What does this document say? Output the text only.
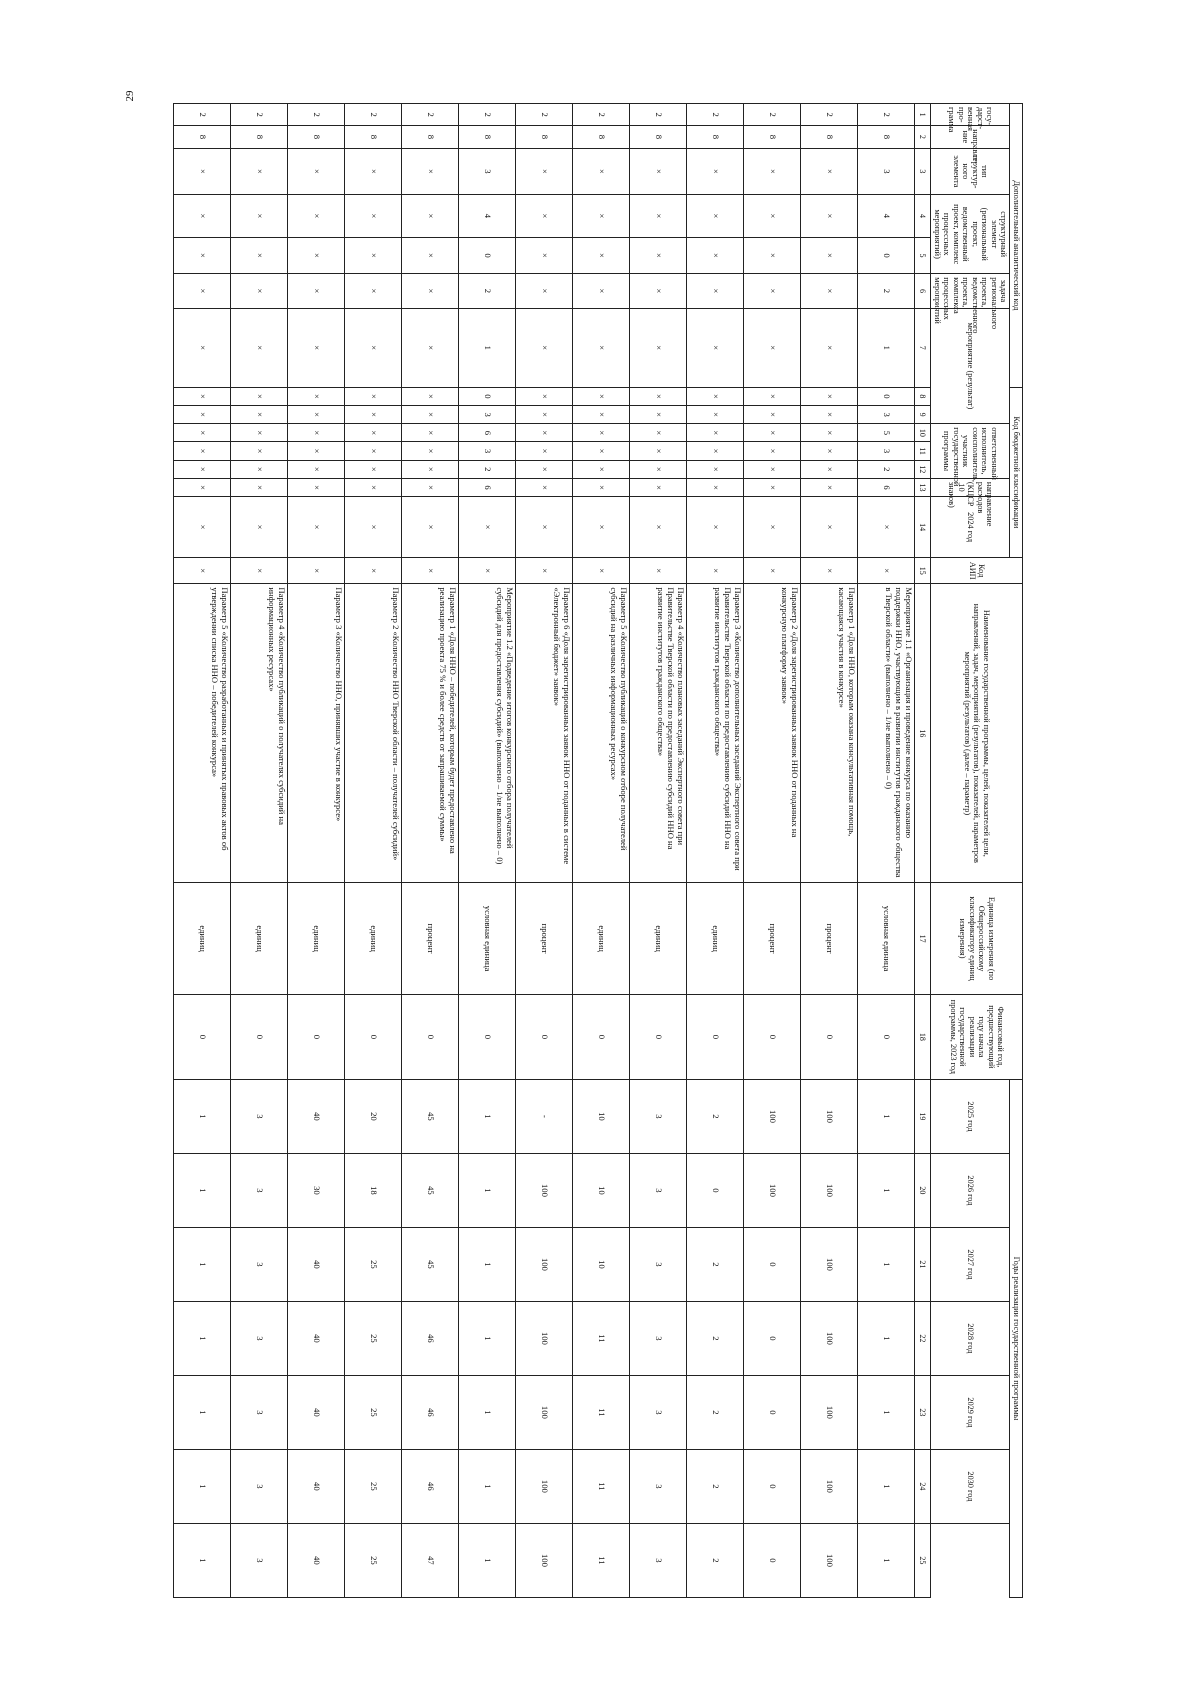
29
Дополнительный аналитический код							Код бюджетной классификации							Код АИП	Наименование государственной программы, целей, показателей цели, направлений, задач, мероприятий (результатов), показателей, параметров мероприятий (результатов) (далее – параметр)	Единица измерения (по Общероссийскому классификатору единиц измерения)	Финансовый год, предшествующий году начала реализации государственной программы, 2023 год	Годы реализации государственной программы						
госу-дарст-венная про-грамма	направле-ние	тип структур-ного элемента	структурный элемент (региональный проект, ведомственный проект, комплекс процессных мероприятий)		задача регионального проекта, ведомственного проекта, комплекса процессных мероприятий	мероприятие (результат)			ответственный исполнитель, соисполнитель, участник государственной программы			направление расходов (КЦСР 10 знаков)	2024 год					2025 год	2026 год	2027 год	2028 год	2029 год	2030 год	
1	2	3	4	5	6	7	8	9	10	11	12	13	14	15	16	17	18	19	20	21	22	23	24	25
2	8	3	4	0	2	1	0	3	5	3	2	6	×	×	Мероприятие 1.1 «Организация и проведение конкурса по оказанию поддержки ННО, участвующим в развитии институтов гражданского общества в Тверской области» (выполнено – 1/не выполнено – 0)	условная единица	0	1	1	1	1	1	1	1
2	8	×	×	×	×	×	×	×	×	×	×	×	×	×	Параметр 1 «Доля ННО, которым оказана консультативная помощь, касающаяся участия в конкурсе»	процент	0	100	100	100	100	100	100	100
2	8	×	×	×	×	×	×	×	×	×	×	×	×	×	Параметр 2 «Доля зарегистрированных заявок ННО от поданных на конкурсную платформу заявок»	процент	0	100	100	0	0	0	0	0
2	8	×	×	×	×	×	×	×	×	×	×	×	×	×	Параметр 3 «Количество дополнительных заседаний Экспертного совета при Правительстве Тверской области по предоставлению субсидий ННО на развитие институтов гражданского общества»	единиц	0	2	0	2	2	2	2	2
2	8	×	×	×	×	×	×	×	×	×	×	×	×	×	Параметр 4 «Количество плановых заседаний Экспертного совета при Правительстве Тверской области по предоставлению субсидий ННО на развитие институтов гражданского общества»	единиц	0	3	3	3	3	3	3	3
2	8	×	×	×	×	×	×	×	×	×	×	×	×	×	Параметр 5 «Количество публикаций о конкурсном отборе получателей субсидий на различных информационных ресурсах»	единиц	0	10	10	10	11	11	11	11
2	8	×	×	×	×	×	×	×	×	×	×	×	×	×	Параметр 6 «Доля зарегистрированных заявок ННО от поданных в системе «Электронный бюджет» заявок»	процент	0	-	100	100	100	100	100	100
2	8	3	4	0	2	1	0	3	6	3	2	6	×	×	Мероприятие 1.2 «Подведение итогов конкурсного отбора получателей субсидий для предоставления субсидий» (выполнено – 1/не выполнено – 0)	условная единица	0	1	1	1	1	1	1	1
2	8	×	×	×	×	×	×	×	×	×	×	×	×	×	Параметр 1 «Доля ННО – победителей, которым будет предоставлено на реализацию проекта 75 % и более средств от запрашиваемой суммы»	процент	0	45	45	45	46	46	46	47
2	8	×	×	×	×	×	×	×	×	×	×	×	×	×	Параметр 2 «Количество ННО Тверской области – получателей субсидий»	единиц	0	20	18	25	25	25	25	25
2	8	×	×	×	×	×	×	×	×	×	×	×	×	×	Параметр 3 «Количество ННО, принявших участие в конкурсе»	единиц	0	40	30	40	40	40	40	40
2	8	×	×	×	×	×	×	×	×	×	×	×	×	×	Параметр 4 «Количество публикаций о получателях субсидий на информационных ресурсах»	единиц	0	3	3	3	3	3	3	3
2	8	×	×	×	×	×	×	×	×	×	×	×	×	×	Параметр 5 «Количество разработанных и принятых правовых актов об утверждении списка ННО – победителей конкурса»	единиц	0	1	1	1	1	1	1	1
